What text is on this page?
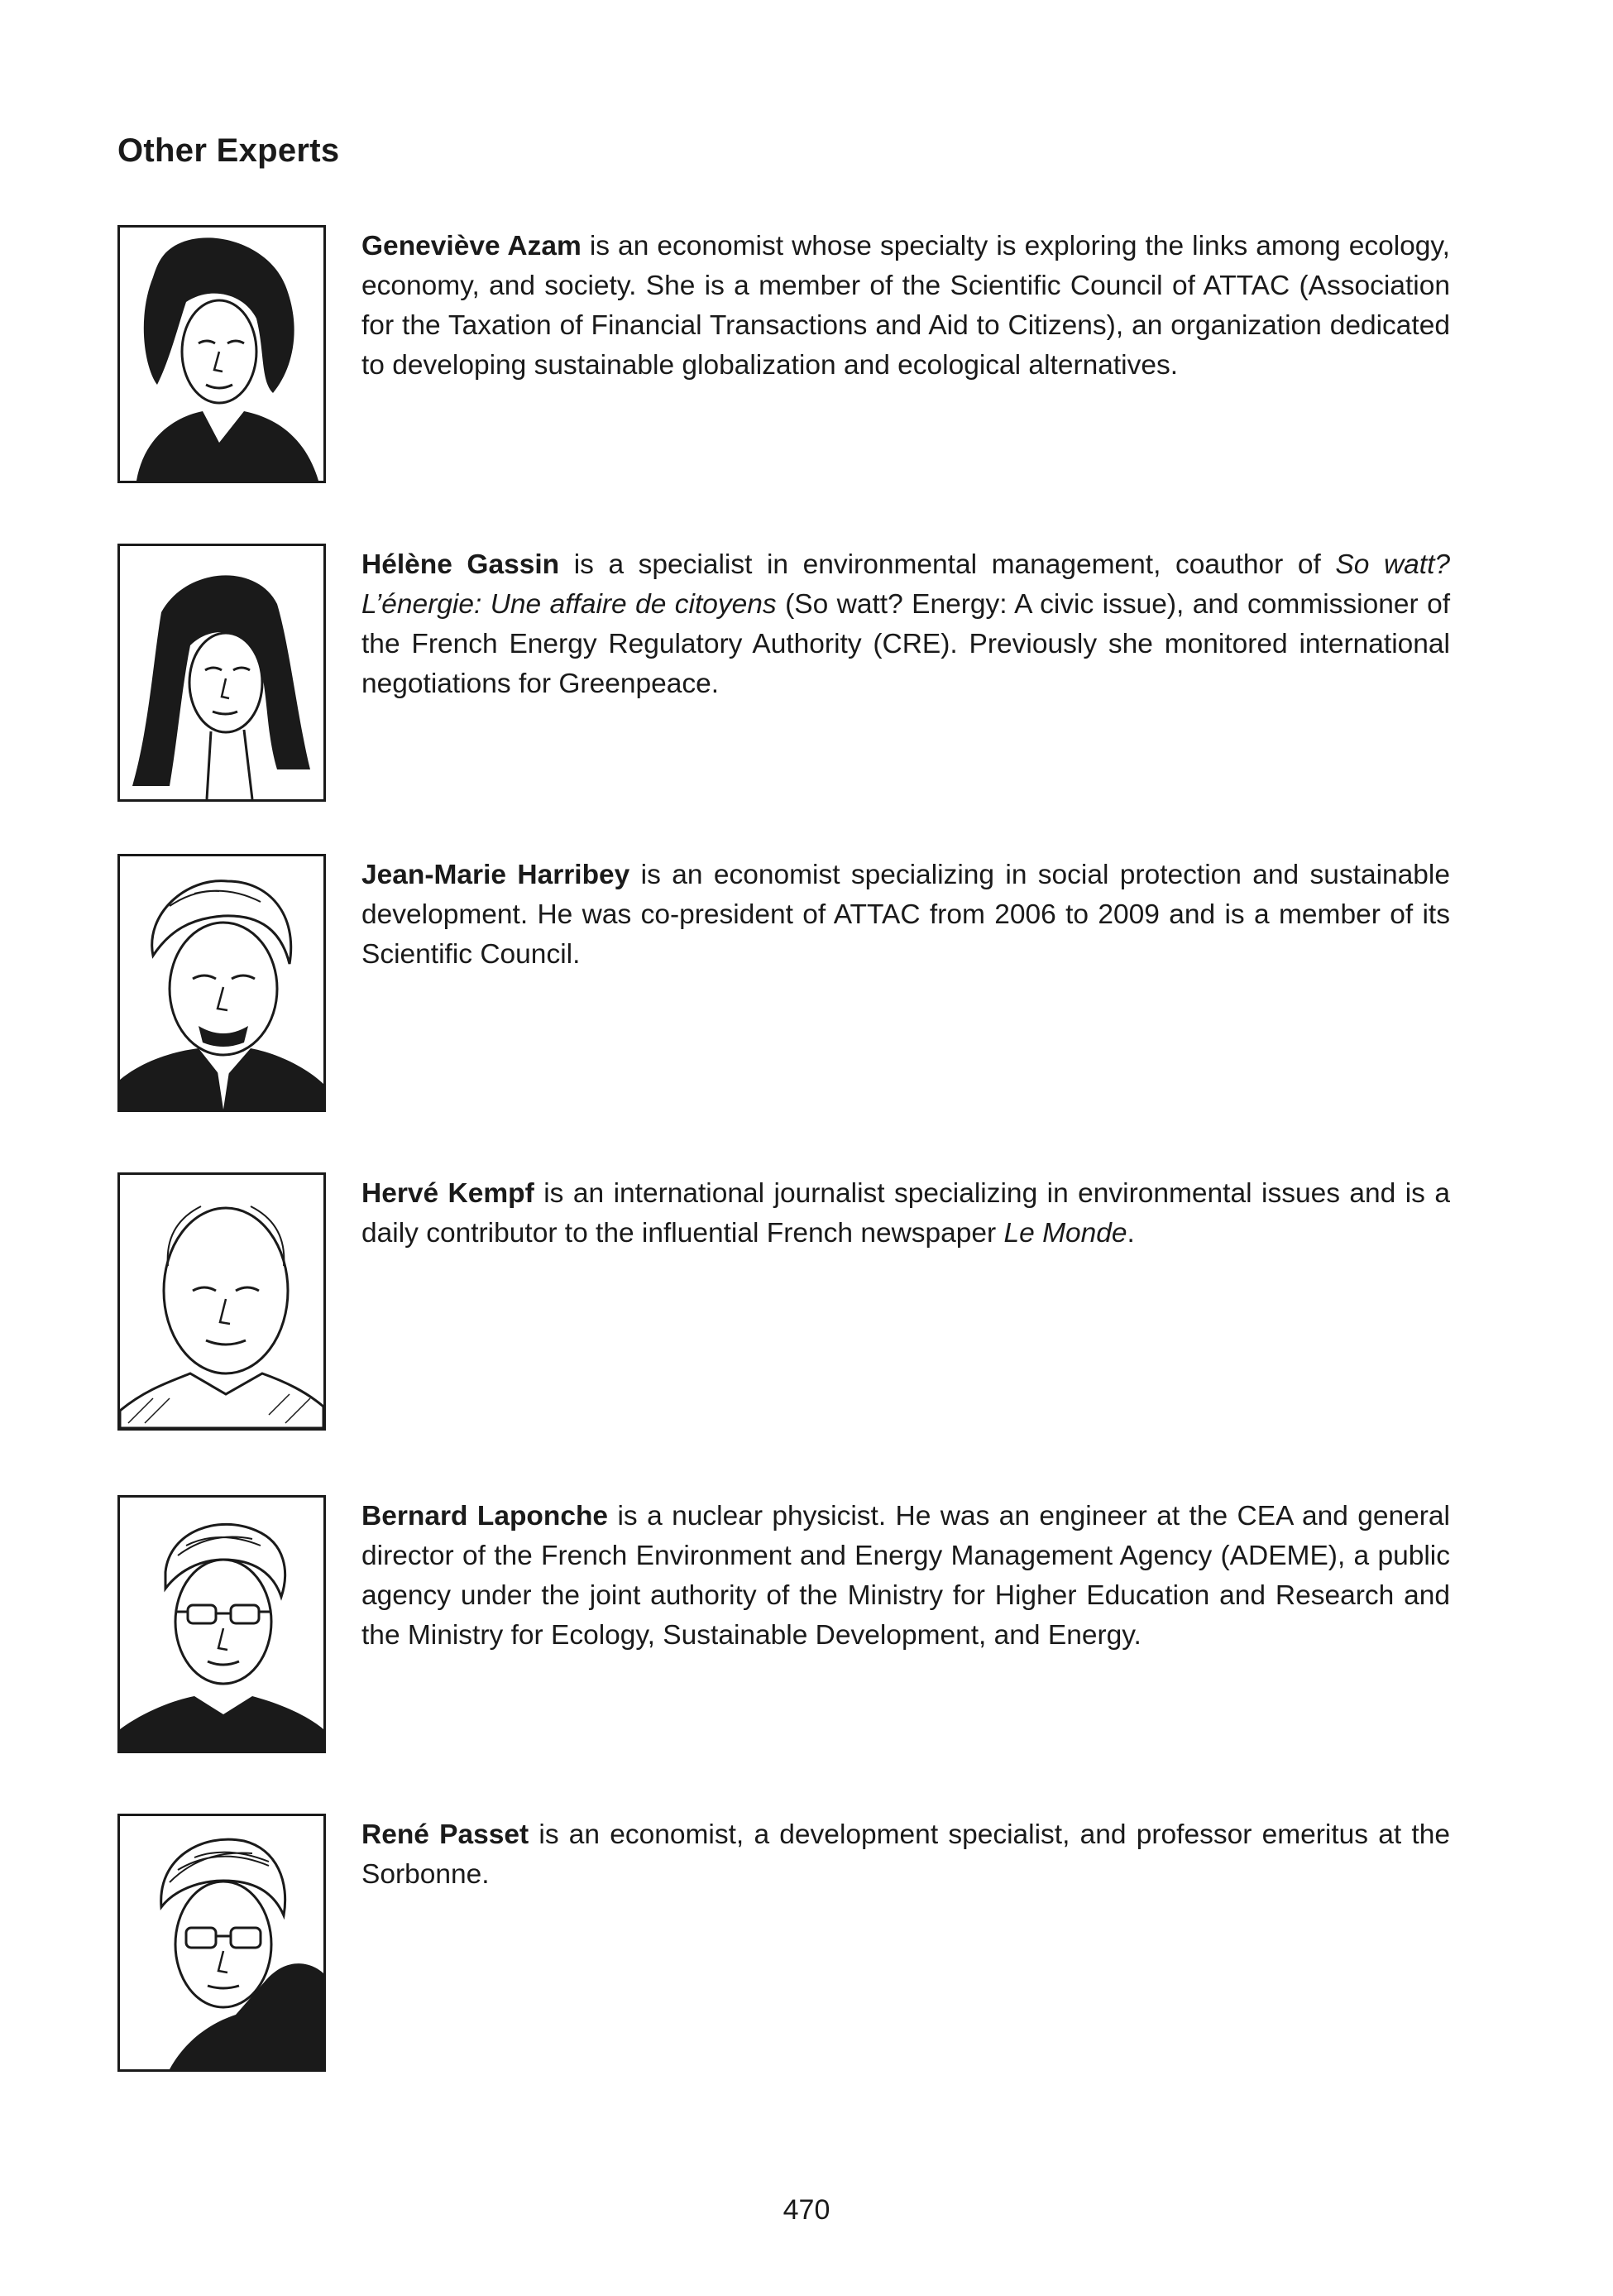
Other Experts

Geneviève Azam is an economist whose specialty is exploring the links among ecology, economy, and society. She is a member of the Scientific Council of ATTAC (Association for the Taxation of Financial Transactions and Aid to Citizens), an organization dedicated to developing sustainable globalization and ecological alternatives.

Hélène Gassin is a specialist in environmental management, coauthor of So watt? L’énergie: Une affaire de citoyens (So watt? Energy: A civic issue), and commissioner of the French Energy Regulatory Authority (CRE). Previously she monitored international negotiations for Greenpeace.

Jean-Marie Harribey is an economist specializing in social protection and sustainable development. He was co-president of ATTAC from 2006 to 2009 and is a member of its Scientific Council.

Hervé Kempf is an international journalist specializing in environmental issues and is a daily contributor to the influential French newspaper Le Monde.

Bernard Laponche is a nuclear physicist. He was an engineer at the CEA and general director of the French Environment and Energy Management Agency (ADEME), a public agency under the joint authority of the Ministry for Higher Education and Research and the Ministry for Ecology, Sustainable Development, and Energy.

René Passet is an economist, a development specialist, and professor emeritus at the Sorbonne.

470
